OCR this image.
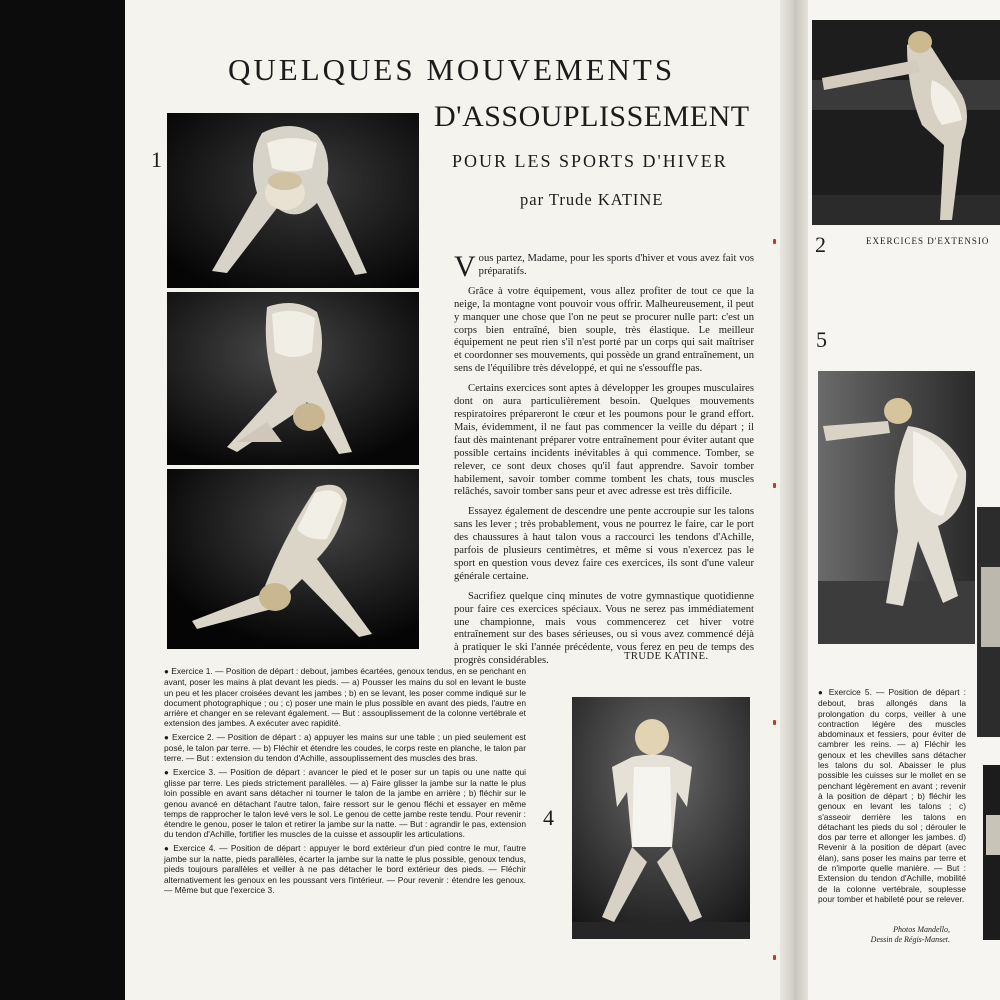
QUELQUES MOUVEMENTS
D'ASSOUPLISSEMENT
POUR LES SPORTS D'HIVER
par Trude KATINE
1
2	EXERCICES D'EXTENSIO
5
4

Vous partez, Madame, pour les sports d'hiver et vous avez fait vos préparatifs.

Grâce à votre équipement, vous allez profiter de tout ce que la neige, la montagne vont pouvoir vous offrir. Malheureusement, il peut y manquer une chose que l'on ne peut se procurer nulle part: c'est un corps bien entraîné, bien souple, très élastique. Le meilleur équipement ne peut rien s'il n'est porté par un corps qui sait maîtriser et coordonner ses mouvements, qui possède un grand entraînement, un sens de l'équilibre très développé, et qui ne s'essouffle pas.

Certains exercices sont aptes à développer les groupes musculaires dont on aura particulièrement besoin. Quelques mouvements respiratoires prépareront le cœur et les poumons pour le grand effort. Mais, évidemment, il ne faut pas commencer la veille du départ ; il faut dès maintenant préparer votre entraînement pour éviter autant que possible certains incidents inévitables à qui commence. Tomber, se relever, ce sont deux choses qu'il faut apprendre. Savoir tomber habilement, savoir tomber comme tombent les chats, tous muscles relâchés, savoir tomber sans peur et avec adresse est très difficile.

Essayez également de descendre une pente accroupie sur les talons sans les lever ; très probablement, vous ne pourrez le faire, car le port des chaussures à haut talon vous a raccourci les tendons d'Achille, parfois de plusieurs centimètres, et même si vous n'exercez pas le sport en question vous devez faire ces exercices, ils sont d'une valeur générale certaine.

Sacrifiez quelque cinq minutes de votre gymnastique quotidienne pour faire ces exercices spéciaux. Vous ne serez pas immédiatement une championne, mais vous commencerez cet hiver votre entraînement sur des bases sérieuses, ou si vous avez commencé déjà à pratiquer le ski l'année précédente, vous ferez en peu de temps des progrès considérables.	TRUDE KATINE.

● Exercice 1. — Position de départ : debout, jambes écartées, genoux tendus, en se penchant en avant, poser les mains à plat devant les pieds. — a) Pousser les mains du sol en levant le buste un peu et les placer croisées devant les jambes ; b) en se levant, les poser comme indiqué sur le document photographique ; ou ; c) poser une main le plus possible en avant des pieds, l'autre en arrière et changer en se relevant également. — But : assouplissement de la colonne vertébrale et extension des jambes. A exécuter avec rapidité.

● Exercice 2. — Position de départ : a) appuyer les mains sur une table ; un pied seulement est posé, le talon par terre. — b) Fléchir et étendre les coudes, le corps reste en planche, le talon par terre. — But : extension du tendon d'Achille, assouplissement des muscles des bras.

● Exercice 3. — Position de départ : avancer le pied et le poser sur un tapis ou une natte qui glisse par terre. Les pieds strictement parallèles. — a) Faire glisser la jambe sur la natte le plus loin possible en avant sans détacher ni tourner le talon de la jambe en arrière ; b) fléchir sur le genou avancé en détachant l'autre talon, faire ressort sur le genou fléchi et essayer en même temps de rapprocher le talon levé vers le sol. Le genou de cette jambe reste tendu. Pour revenir : étendre le genou, poser le talon et retirer la jambe sur la natte. — But : agrandir le pas, extension du tendon d'Achille, fortifier les muscles de la cuisse et assouplir les articulations.

● Exercice 4. — Position de départ : appuyer le bord extérieur d'un pied contre le mur, l'autre jambe sur la natte, pieds parallèles, écarter la jambe sur la natte le plus possible, genoux tendus, pieds toujours parallèles et veiller à ne pas détacher le bord extérieur des pieds. — Fléchir alternativement les genoux en les poussant vers l'intérieur. — Pour revenir : étendre les genoux. — Même but que l'exercice 3.

● Exercice 5. — Position de départ : debout, bras allongés dans la prolongation du corps, veiller à une contraction légère des muscles abdominaux et fessiers, pour éviter de cambrer les reins. — a) Fléchir les genoux et les chevilles sans détacher les talons du sol. Abaisser le plus possible les cuisses sur le mollet en se penchant légèrement en avant ; revenir à la position de départ ; b) fléchir les genoux en levant les talons ; c) s'asseoir derrière les talons en détachant les pieds du sol ; dérouler le dos par terre et allonger les jambes. d) Revenir à la position de départ (avec élan), sans poser les mains par terre et de n'importe quelle manière. — But : Extension du tendon d'Achille, mobilité de la colonne vertébrale, souplesse pour tomber et habileté pour se relever.

Photos Mandello,
Dessin de Régis-Manset.
